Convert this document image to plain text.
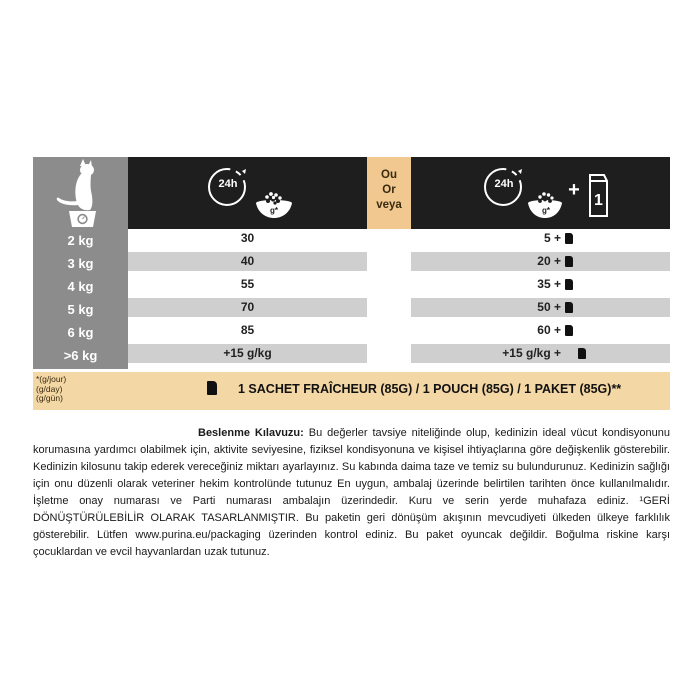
24h
g*
Ou
Or
veya
24h
g*
+ 1
2 kg
3 kg
4 kg
5 kg
6 kg
>6 kg
30
40
55
70
85
+15 g/kg
5 +
20 +
35 +
50 +
60 +
+15 g/kg +
*(g/jour)
(g/day)
(g/gün)
1 SACHET FRAÎCHEUR (85G) / 1 POUCH (85G) / 1 PAKET (85G)**

Beslenme Kılavuzu: Bu değerler tavsiye niteliğinde olup, kedinizin ideal vücut kondisyonunu korumasına yardımcı olabilmek için, aktivite seviyesine, fiziksel kondisyonuna ve kişisel ihtiyaçlarına göre değişkenlik gösterebilir. Kedinizin kilosunu takip ederek vereceğiniz miktarı ayarlayınız. Su kabında daima taze ve temiz su bulundurunuz. Kedinizin sağlığı için onu düzenli olarak veteriner hekim kontrolünde tutunuz En uygun, ambalaj üzerinde belirtilen tarihten önce kullanılmalıdır. İşletme onay numarası ve Parti numarası ambalajın üzerindedir. Kuru ve serin yerde muhafaza ediniz. ¹GERİ DÖNÜŞTÜRÜLEBİLİR OLARAK TASARLANMIŞTIR. Bu paketin geri dönüşüm akışının mevcudiyeti ülkeden ülkeye farklılık gösterebilir. Lütfen www.purina.eu/packaging üzerinden kontrol ediniz. Bu paket oyuncak değildir. Boğulma riskine karşı çocuklardan ve evcil hayvanlardan uzak tutunuz.
